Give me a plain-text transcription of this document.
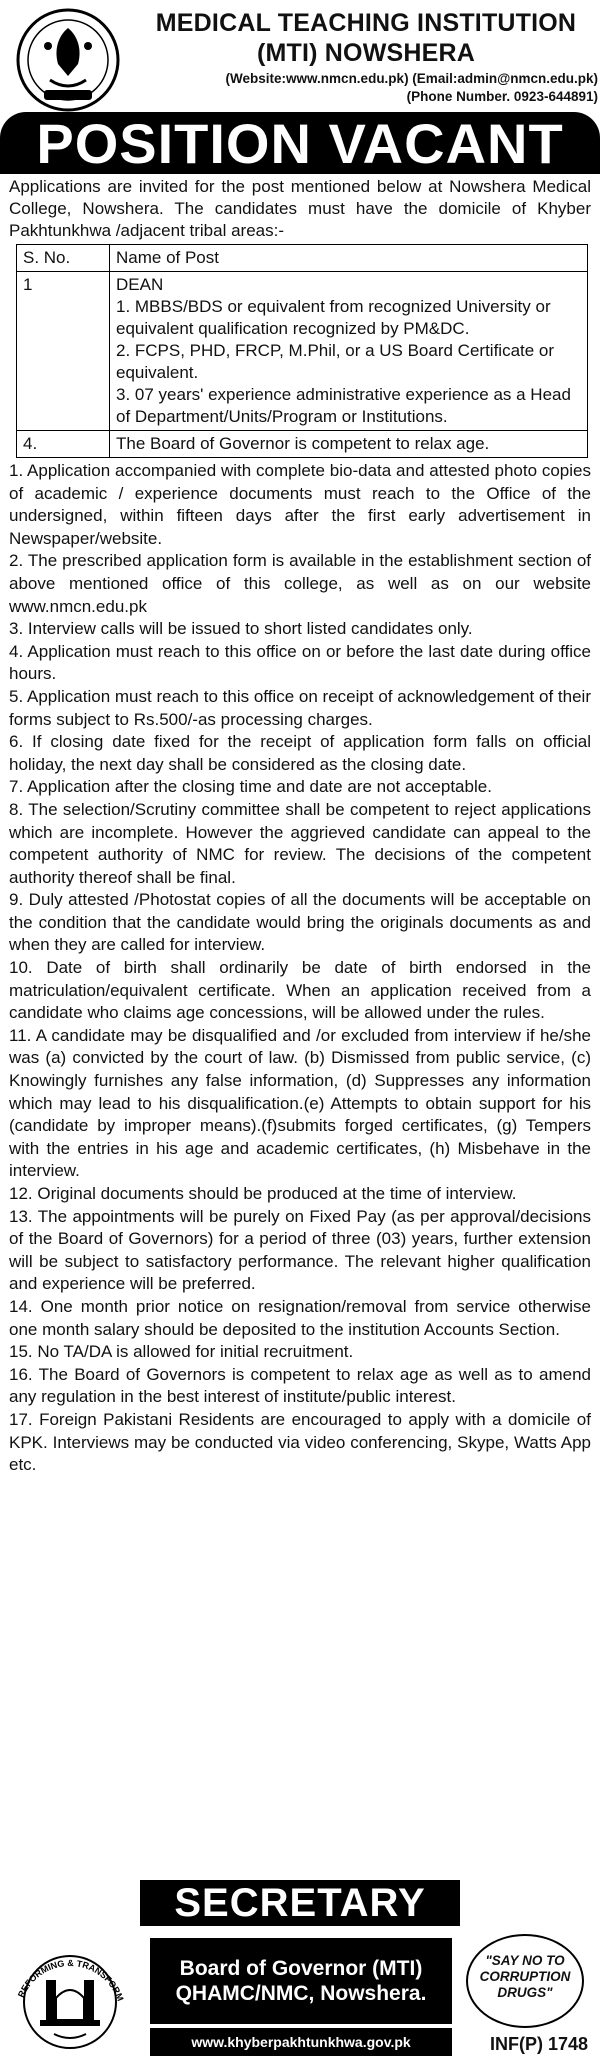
MEDICAL TEACHING INSTITUTION
(MTI) NOWSHERA
(Website:www.nmcn.edu.pk) (Email:admin@nmcn.edu.pk)
(Phone Number. 0923-644891)
POSITION VACANT

Applications are invited for the post mentioned below at Nowshera Medical College, Nowshera. The candidates must have the domicile of Khyber Pakhtunkhwa /adjacent tribal areas:-

S. No.	Name of Post
1	DEAN
1. MBBS/BDS or equivalent from recognized University or equivalent qualification recognized by PM&DC.
2. FCPS, PHD, FRCP, M.Phil, or a US Board Certificate or equivalent.
3. 07 years' experience administrative experience as a Head of Department/Units/Program or Institutions.

4.	The Board of Governor is competent to relax age.

1. Application accompanied with complete bio-data and attested photo copies of academic / experience documents must reach to the Office of the undersigned, within fifteen days after the first early advertisement in Newspaper/website.

2. The prescribed application form is available in the establishment section of above mentioned office of this college, as well as on our website www.nmcn.edu.pk

3. Interview calls will be issued to short listed candidates only.

4. Application must reach to this office on or before the last date during office hours.

5. Application must reach to this office on receipt of acknowledgement of their forms subject to Rs.500/-as processing charges.

6. If closing date fixed for the receipt of application form falls on official holiday, the next day shall be considered as the closing date.

7. Application after the closing time and date are not acceptable.

8. The selection/Scrutiny committee shall be competent to reject applications which are incomplete. However the aggrieved candidate can appeal to the competent authority of NMC for review. The decisions of the competent authority thereof shall be final.

9. Duly attested /Photostat copies of all the documents will be acceptable on the condition that the candidate would bring the originals documents as and when they are called for interview.

10. Date of birth shall ordinarily be date of birth endorsed in the matriculation/equivalent certificate. When an application received from a candidate who claims age concessions, will be allowed under the rules.

11. A candidate may be disqualified and /or excluded from interview if he/she was (a) convicted by the court of law. (b) Dismissed from public service, (c) Knowingly furnishes any false information, (d) Suppresses any information which may lead to his disqualification.(e) Attempts to obtain support for his (candidate by improper means).(f)submits forged certificates, (g) Tempers with the entries in his age and academic certificates, (h) Misbehave in the interview.

12. Original documents should be produced at the time of interview.

13. The appointments will be purely on Fixed Pay (as per approval/decisions of the Board of Governors) for a period of three (03) years, further extension will be subject to satisfactory performance. The relevant higher qualification and experience will be preferred.

14. One month prior notice on resignation/removal from service otherwise one month salary should be deposited to the institution Accounts Section.

15. No TA/DA is allowed for initial recruitment.

16. The Board of Governors is competent to relax age as well as to amend any regulation in the best interest of institute/public interest.

17. Foreign Pakistani Residents are encouraged to apply with a domicile of KPK. Interviews may be conducted via video conferencing, Skype, Watts App etc.

SECRETARY
REFORMING & TRANSFORM
Board of Governor (MTI)
QHAMC/NMC, Nowshera.
"SAY NO TO CORRUPTION DRUGS"
www.khyberpakhtunkhwa.gov.pk	INF(P) 1748
